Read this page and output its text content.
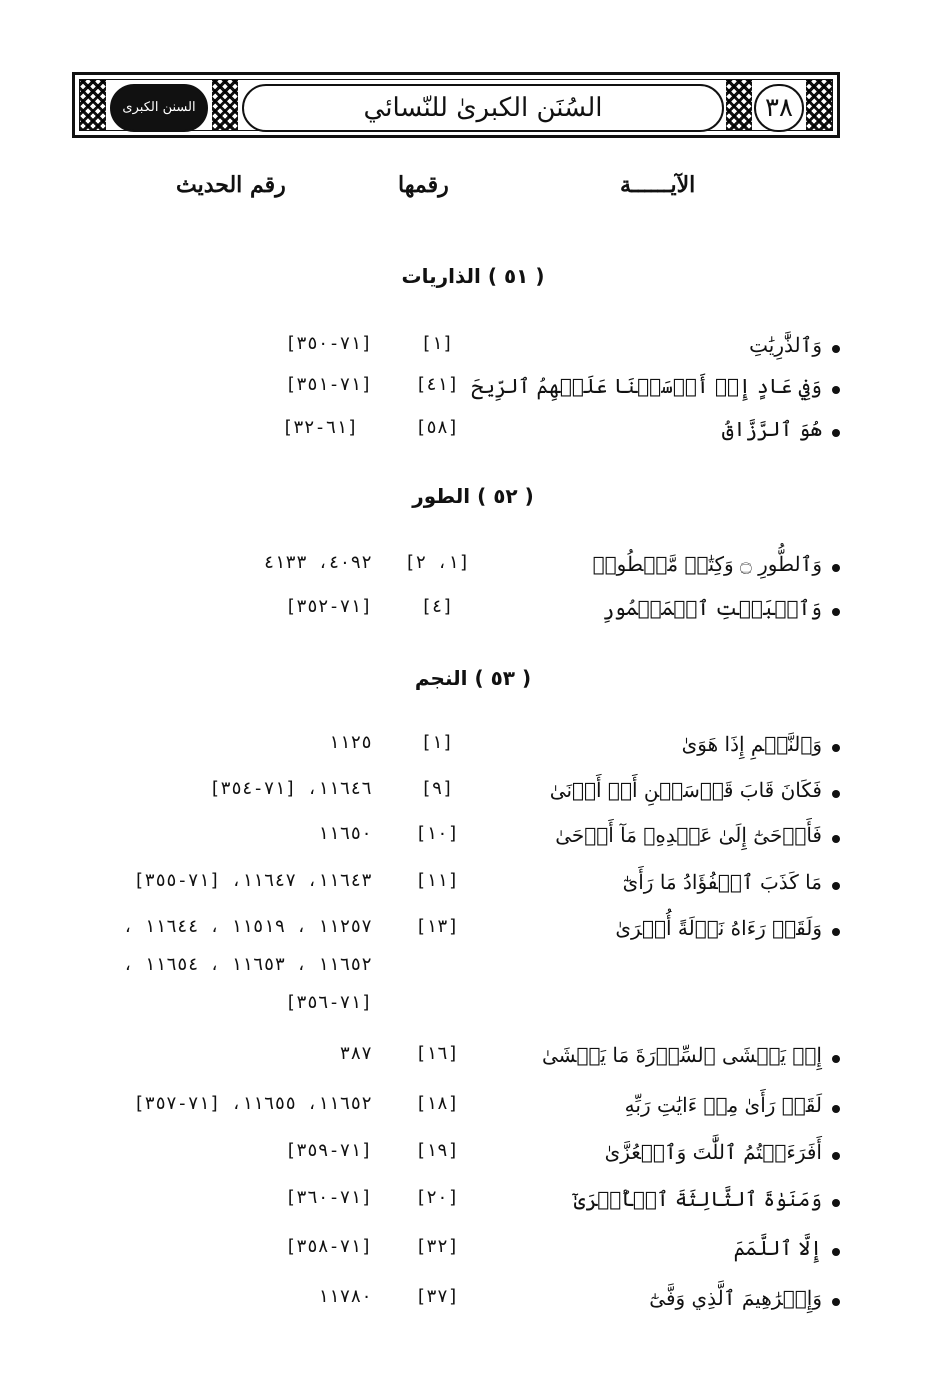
السنن الكبرى	السُنَن الكبرىٰ للنّسائي	٣٨
الآيــــــة
رقمها
رقم الحديث
( ٥١ ) الذاريات
وَٱلذَّٰرِيَٰتِ
[١]
[٧١-٣٥٠]
وَفِي عَادٍ إِذۡ أَرۡسَلۡنَا عَلَيۡهِمُ ٱلرِّيحَ
[٤١]
[٧١-٣٥١]
هُوَ ٱلرَّزَّاقُ
[٥٨]
[٦١-٣٢]
( ٥٢ ) الطور
وَٱلطُّورِ ۝ وَكِتَٰبٖ مَّسۡطُورٖ
[١، ٢]
٤٠٩٢، ٤١٣٣
وَٱلۡبَيۡتِ ٱلۡمَعۡمُورِ
[٤]
[٧١-٣٥٢]
( ٥٣ ) النجم
وَٱلنَّجۡمِ إِذَا هَوَىٰ
[١]
١١٢٥
فَكَانَ قَابَ قَوۡسَيۡنِ أَوۡ أَدۡنَىٰ
[٩]
١١٦٤٦، [٧١-٣٥٤]
فَأَوۡحَىٰٓ إِلَىٰ عَبۡدِهِۦ مَآ أَوۡحَىٰ
[١٠]
١١٦٥٠
مَا كَذَبَ ٱلۡفُؤَادُ مَا رَأَىٰٓ
[١١]
١١٦٤٣، ١١٦٤٧، [٧١-٣٥٥]
وَلَقَدۡ رَءَاهُ نَزۡلَةً أُخۡرَىٰ
[١٣]
١١٢٥٧ ، ١١٥١٩ ، ١١٦٤٤ ،
١١٦٥٢ ، ١١٦٥٣ ، ١١٦٥٤ ،
[٧١-٣٥٦]
إِذۡ يَغۡشَى ٱلسِّدۡرَةَ مَا يَغۡشَىٰ
[١٦]
٣٨٧
لَقَدۡ رَأَىٰ مِنۡ ءَايَٰتِ رَبِّهِ
[١٨]
١١٦٥٢، ١١٦٥٥، [٧١-٣٥٧]
أَفَرَءَيۡتُمُ ٱللَّٰتَ وَٱلۡعُزَّىٰ
[١٩]
[٧١-٣٥٩]
وَمَنَوٰةَ ٱلثَّالِثَةَ ٱلۡأُخۡرَىٰٓ
[٢٠]
[٧١-٣٦٠]
إِلَّا ٱللَّمَمَ
[٣٢]
[٧١-٣٥٨]
وَإِبۡرَٰهِيمَ ٱلَّذِي وَفَّىٰٓ
[٣٧]
١١٧٨٠
